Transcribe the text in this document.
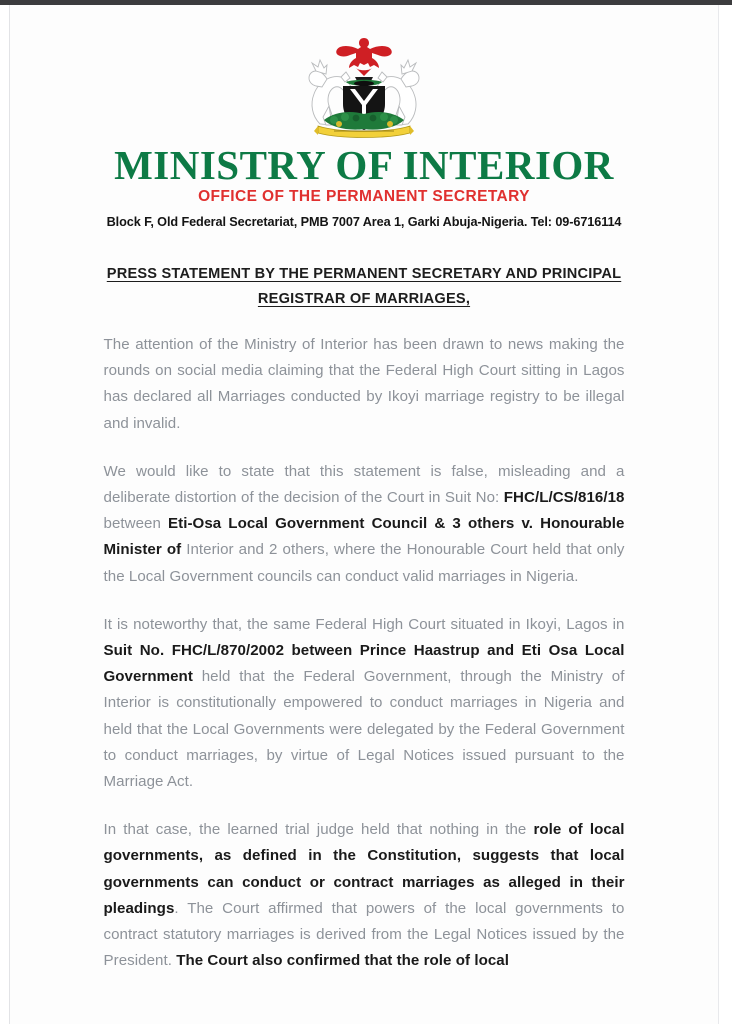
MINISTRY OF INTERIOR
OFFICE OF THE PERMANENT SECRETARY
Block F, Old Federal Secretariat, PMB 7007 Area 1, Garki Abuja-Nigeria. Tel: 09-6716114
PRESS STATEMENT BY THE PERMANENT SECRETARY AND PRINCIPAL
REGISTRAR OF MARRIAGES,

The attention of the Ministry of Interior has been drawn to news making the rounds on social media claiming that the Federal High Court sitting in Lagos has declared all Marriages conducted by Ikoyi marriage registry to be illegal and invalid.

We would like to state that this statement is false, misleading and a deliberate distortion of the decision of the Court in Suit No: FHC/L/CS/816/18 between Eti-Osa Local Government Council & 3 others v. Honourable Minister of Interior and 2 others, where the Honourable Court held that only the Local Government councils can conduct valid marriages in Nigeria.

It is noteworthy that, the same Federal High Court situated in Ikoyi, Lagos in Suit No. FHC/L/870/2002 between Prince Haastrup and Eti Osa Local Government held that the Federal Government, through the Ministry of Interior is constitutionally empowered to conduct marriages in Nigeria and held that the Local Governments were delegated by the Federal Government to conduct marriages, by virtue of Legal Notices issued pursuant to the Marriage Act.

In that case, the learned trial judge held that nothing in the role of local governments, as defined in the Constitution, suggests that local governments can conduct or contract marriages as alleged in their pleadings. The Court affirmed that powers of the local governments to contract statutory marriages is derived from the Legal Notices issued by the President. The Court also confirmed that the role of local
